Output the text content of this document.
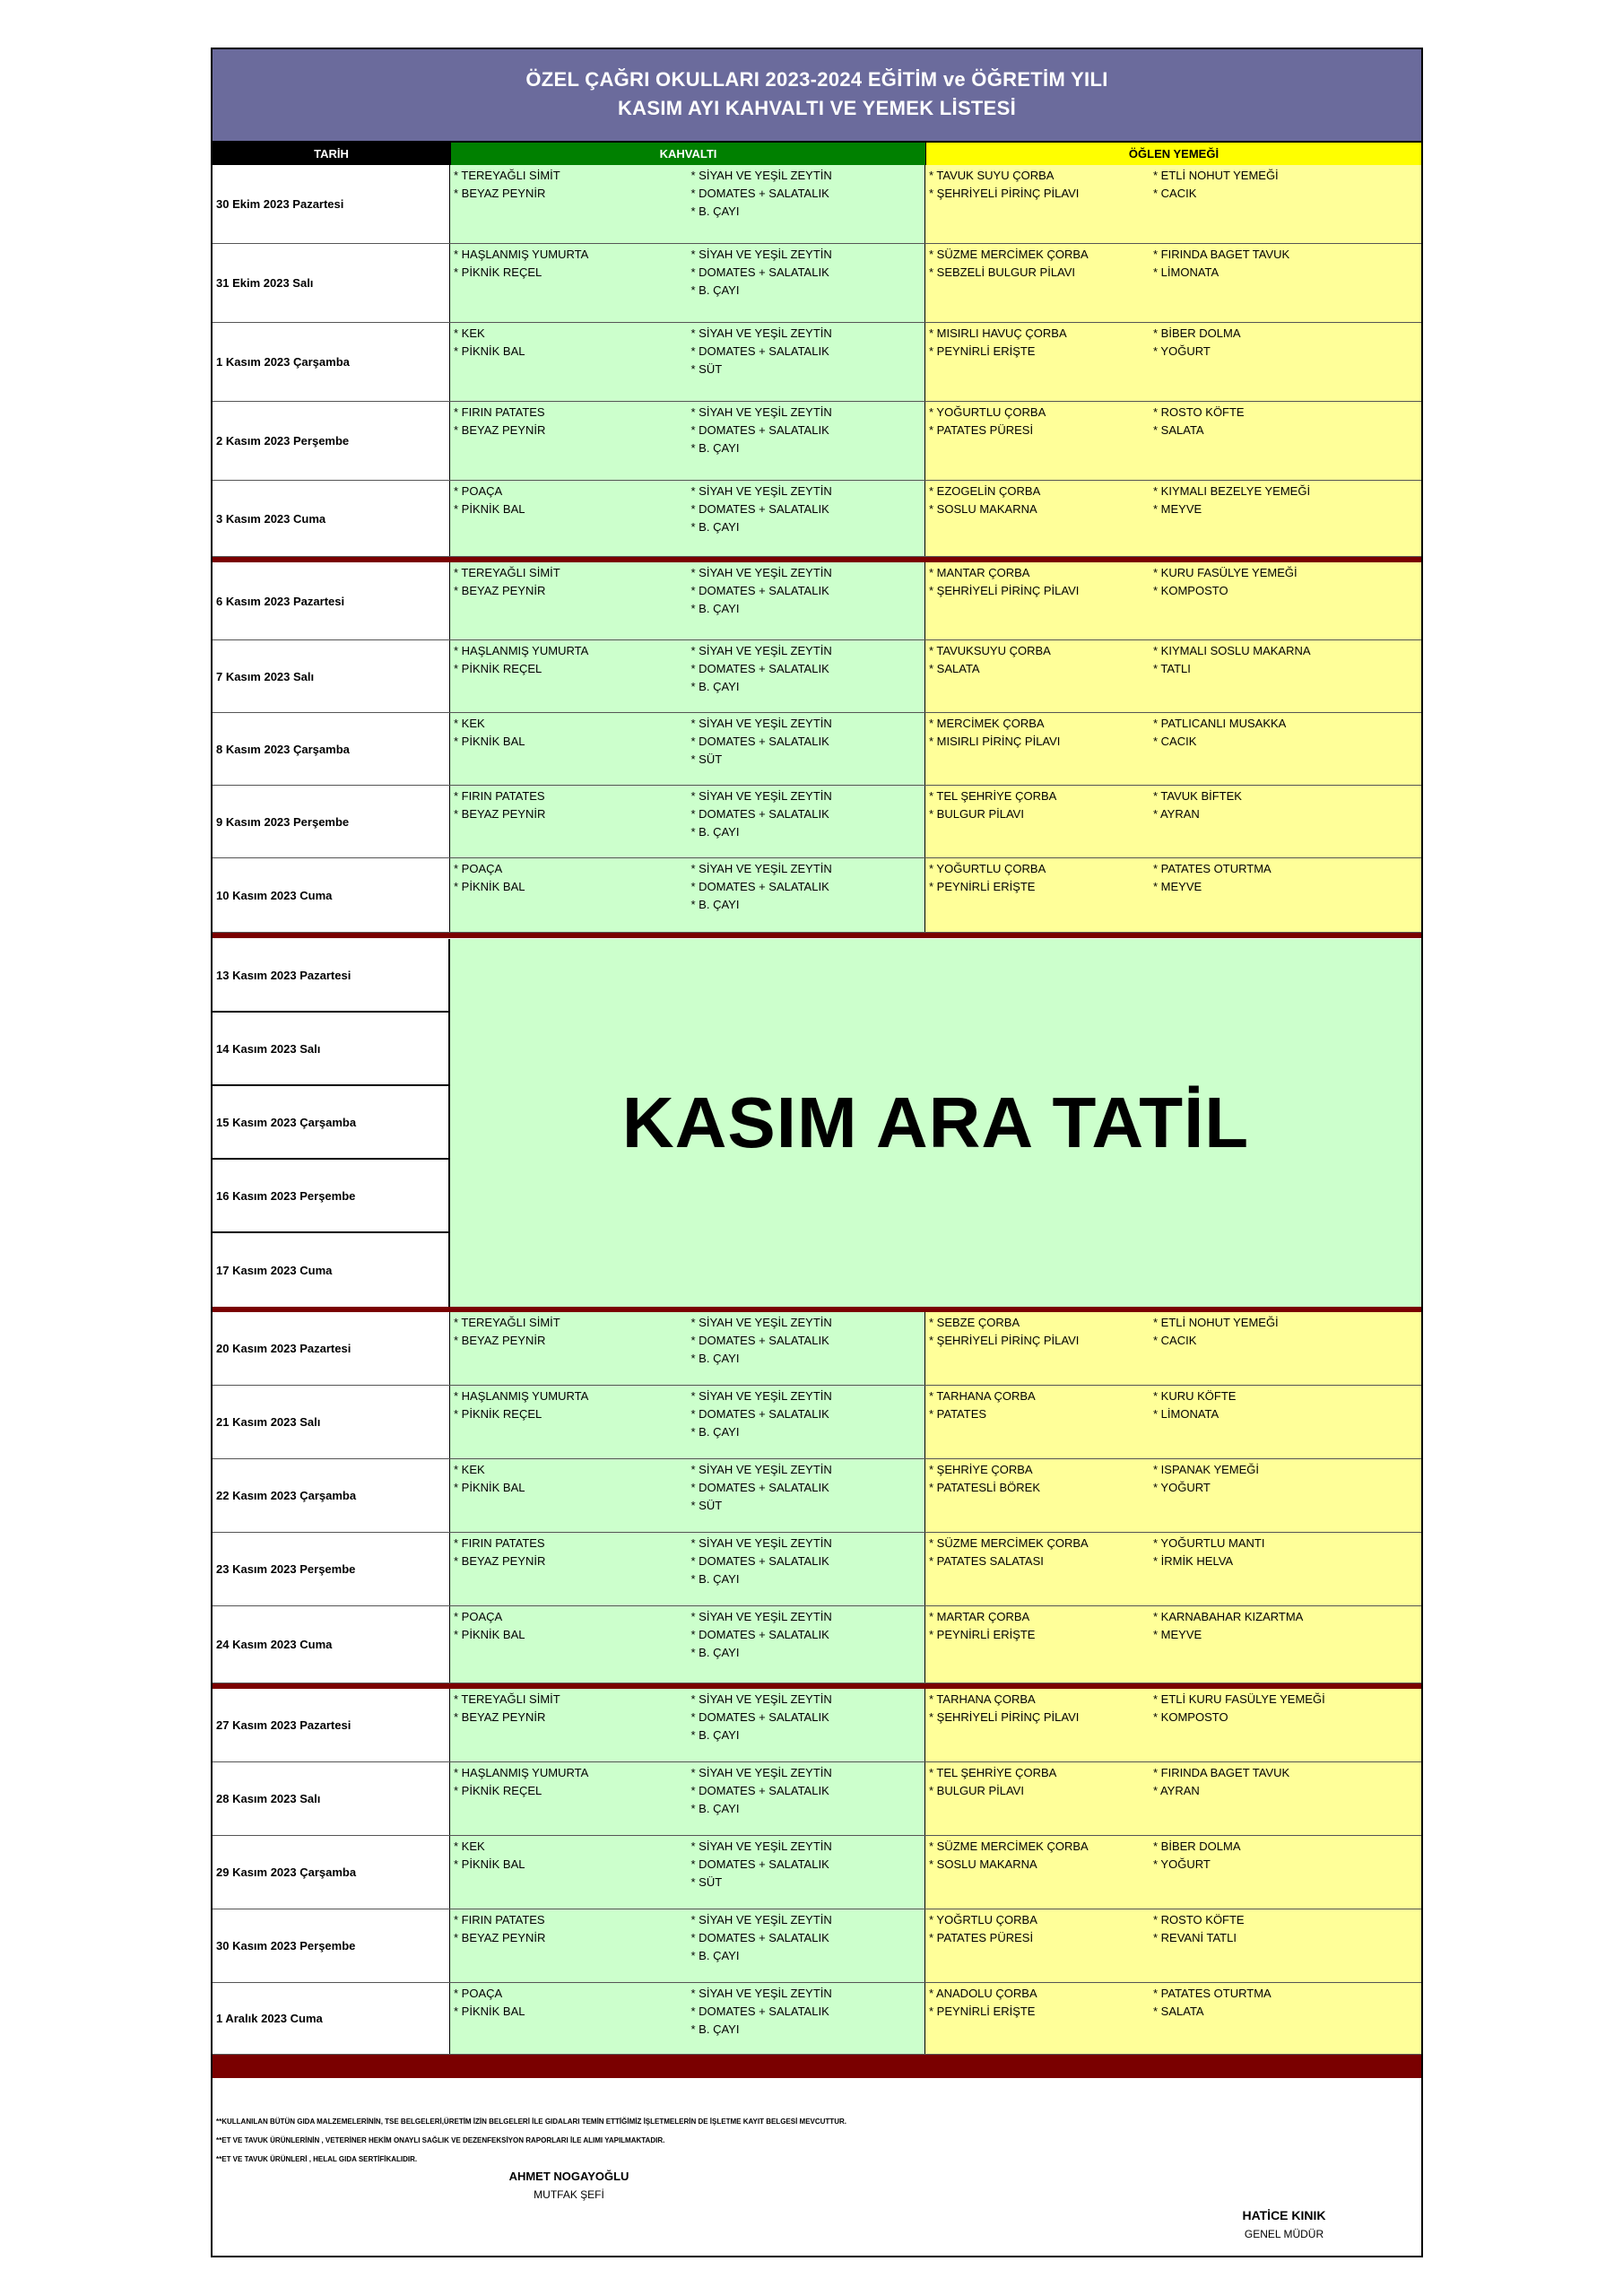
ÖZEL ÇAĞRI OKULLARI 2023-2024 EĞİTİM ve ÖĞRETİM YILI
KASIM AYI KAHVALTI VE YEMEK LİSTESİ
TARİH	KAHVALTI	ÖĞLEN YEMEĞİ
30 Ekim 2023 Pazartesi
* TEREYAĞLI SİMİT
* BEYAZ PEYNİR
* SİYAH VE YEŞİL ZEYTİN
* DOMATES + SALATALIK
* B. ÇAYI
* TAVUK SUYU ÇORBA
* ŞEHRİYELİ PİRİNÇ PİLAVI
* ETLİ NOHUT YEMEĞİ
* CACIK
31 Ekim 2023 Salı
* HAŞLANMIŞ YUMURTA
* PİKNİK REÇEL
* SİYAH VE YEŞİL ZEYTİN
* DOMATES + SALATALIK
* B. ÇAYI
* SÜZME MERCİMEK ÇORBA
* SEBZELİ BULGUR PİLAVI
* FIRINDA BAGET TAVUK
* LİMONATA
1 Kasım 2023 Çarşamba
* KEK
* PİKNİK BAL
* SİYAH VE YEŞİL ZEYTİN
* DOMATES + SALATALIK
* SÜT
* MISIRLI HAVUÇ ÇORBA
* PEYNİRLİ ERİŞTE
* BİBER DOLMA
* YOĞURT
2 Kasım 2023 Perşembe
* FIRIN PATATES
* BEYAZ PEYNİR
* SİYAH VE YEŞİL ZEYTİN
* DOMATES + SALATALIK
* B. ÇAYI
* YOĞURTLU ÇORBA
* PATATES PÜRESİ
* ROSTO KÖFTE
* SALATA
3 Kasım 2023 Cuma
* POAÇA
* PİKNİK BAL
* SİYAH VE YEŞİL ZEYTİN
* DOMATES + SALATALIK
* B. ÇAYI
* EZOGELİN ÇORBA
* SOSLU MAKARNA
* KIYMALI BEZELYE YEMEĞİ
* MEYVE
6 Kasım 2023 Pazartesi
* TEREYAĞLI SİMİT
* BEYAZ PEYNİR
* SİYAH VE YEŞİL ZEYTİN
* DOMATES + SALATALIK
* B. ÇAYI
* MANTAR ÇORBA
* ŞEHRİYELİ PİRİNÇ PİLAVI
* KURU FASÜLYE YEMEĞİ
* KOMPOSTO
7 Kasım 2023 Salı
* HAŞLANMIŞ YUMURTA
* PİKNİK REÇEL
* SİYAH VE YEŞİL ZEYTİN
* DOMATES + SALATALIK
* B. ÇAYI
* TAVUKSUYU ÇORBA
* SALATA
* KIYMALI SOSLU MAKARNA
* TATLI
8 Kasım 2023 Çarşamba
* KEK
* PİKNİK BAL
* SİYAH VE YEŞİL ZEYTİN
* DOMATES + SALATALIK
* SÜT
* MERCİMEK ÇORBA
* MISIRLI PİRİNÇ PİLAVI
* PATLICANLI MUSAKKA
* CACIK
9 Kasım 2023 Perşembe
* FIRIN PATATES
* BEYAZ PEYNİR
* SİYAH VE YEŞİL ZEYTİN
* DOMATES + SALATALIK
* B. ÇAYI
* TEL ŞEHRİYE ÇORBA
* BULGUR PİLAVI
* TAVUK BİFTEK
* AYRAN
10 Kasım 2023 Cuma
* POAÇA
* PİKNİK BAL
* SİYAH VE YEŞİL ZEYTİN
* DOMATES + SALATALIK
* B. ÇAYI
* YOĞURTLU ÇORBA
* PEYNİRLİ ERİŞTE
* PATATES OTURTMA
* MEYVE
20 Kasım 2023 Pazartesi
* TEREYAĞLI SİMİT
* BEYAZ PEYNİR
* SİYAH VE YEŞİL ZEYTİN
* DOMATES + SALATALIK
* B. ÇAYI
* SEBZE ÇORBA
* ŞEHRİYELİ PİRİNÇ PİLAVI
* ETLİ NOHUT YEMEĞİ
* CACIK
21 Kasım 2023 Salı
* HAŞLANMIŞ YUMURTA
* PİKNİK REÇEL
* SİYAH VE YEŞİL ZEYTİN
* DOMATES + SALATALIK
* B. ÇAYI
* TARHANA ÇORBA
* PATATES
* KURU KÖFTE
* LİMONATA
22 Kasım 2023 Çarşamba
* KEK
* PİKNİK BAL
* SİYAH VE YEŞİL ZEYTİN
* DOMATES + SALATALIK
* SÜT
* ŞEHRİYE ÇORBA
* PATATESLİ BÖREK
* ISPANAK YEMEĞİ
* YOĞURT
23 Kasım 2023 Perşembe
* FIRIN PATATES
* BEYAZ PEYNİR
* SİYAH VE YEŞİL ZEYTİN
* DOMATES + SALATALIK
* B. ÇAYI
* SÜZME MERCİMEK ÇORBA
* PATATES SALATASI
* YOĞURTLU MANTI
* İRMİK HELVA
24 Kasım 2023 Cuma
* POAÇA
* PİKNİK BAL
* SİYAH VE YEŞİL ZEYTİN
* DOMATES + SALATALIK
* B. ÇAYI
* MARTAR ÇORBA
* PEYNİRLİ ERİŞTE
* KARNABAHAR KIZARTMA
* MEYVE
27 Kasım 2023 Pazartesi
* TEREYAĞLI SİMİT
* BEYAZ PEYNİR
* SİYAH VE YEŞİL ZEYTİN
* DOMATES + SALATALIK
* B. ÇAYI
* TARHANA ÇORBA
* ŞEHRİYELİ PİRİNÇ PİLAVI
* ETLİ KURU FASÜLYE YEMEĞİ
* KOMPOSTO
28 Kasım 2023 Salı
* HAŞLANMIŞ YUMURTA
* PİKNİK REÇEL
* SİYAH VE YEŞİL ZEYTİN
* DOMATES + SALATALIK
* B. ÇAYI
* TEL ŞEHRİYE ÇORBA
* BULGUR PİLAVI
* FIRINDA BAGET TAVUK
* AYRAN
29 Kasım 2023 Çarşamba
* KEK
* PİKNİK BAL
* SİYAH VE YEŞİL ZEYTİN
* DOMATES + SALATALIK
* SÜT
* SÜZME MERCİMEK ÇORBA
* SOSLU MAKARNA
* BİBER DOLMA
* YOĞURT
30 Kasım 2023 Perşembe
* FIRIN PATATES
* BEYAZ PEYNİR
* SİYAH VE YEŞİL ZEYTİN
* DOMATES + SALATALIK
* B. ÇAYI
* YOĞRTLU ÇORBA
* PATATES PÜRESİ
* ROSTO KÖFTE
* REVANİ TATLI
1 Aralık 2023 Cuma
* POAÇA
* PİKNİK BAL
* SİYAH VE YEŞİL ZEYTİN
* DOMATES + SALATALIK
* B. ÇAYI
* ANADOLU ÇORBA
* PEYNİRLİ ERİŞTE
* PATATES OTURTMA
* SALATA
13 Kasım 2023 Pazartesi
14 Kasım 2023 Salı
15 Kasım 2023 Çarşamba
16 Kasım 2023 Perşembe
17 Kasım 2023 Cuma
KASIM ARA TATİL
**KULLANILAN BÜTÜN GIDA MALZEMELERİNİN, TSE BELGELERİ,ÜRETİM İZİN BELGELERİ İLE GIDALARI TEMİN ETTİĞİMİZ İŞLETMELERİN DE İŞLETME KAYIT BELGESİ MEVCUTTUR.
**ET VE TAVUK ÜRÜNLERİNİN , VETERİNER HEKİM ONAYLI SAĞLIK VE DEZENFEKSİYON RAPORLARI İLE ALIMI YAPILMAKTADIR.
**ET VE TAVUK ÜRÜNLERİ , HELAL GIDA SERTİFİKALIDIR.
AHMET NOGAYOĞLU
MUTFAK ŞEFİ
HATİCE KINIK
GENEL MÜDÜR
